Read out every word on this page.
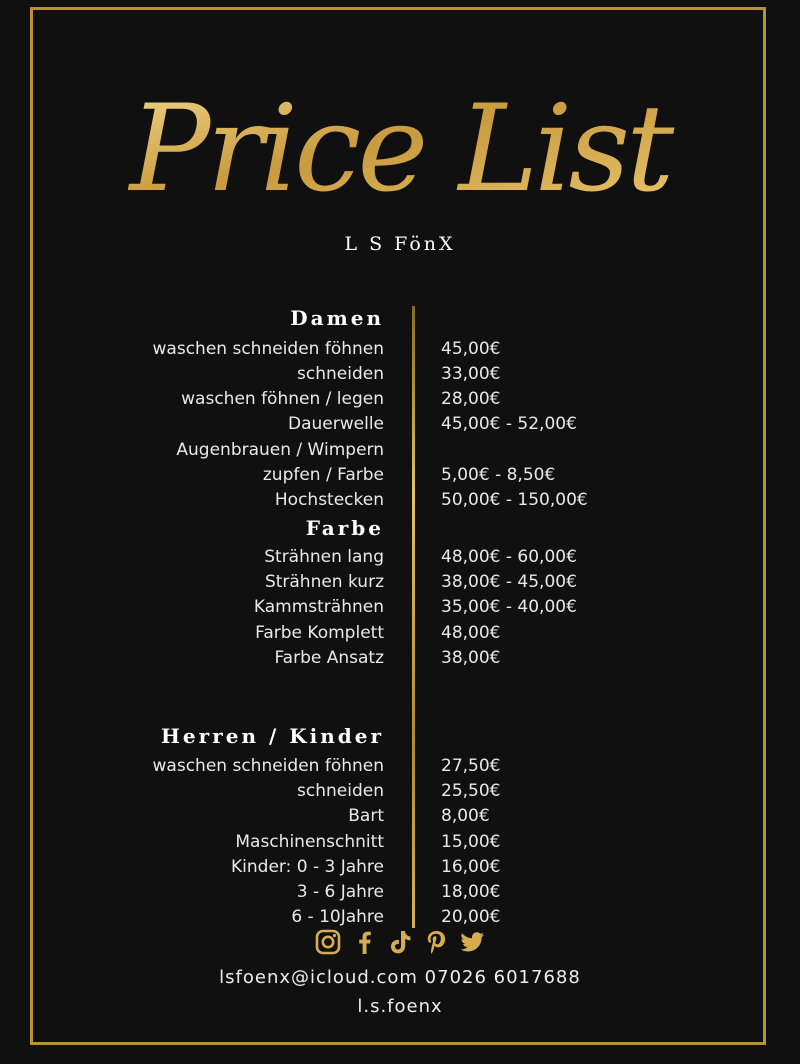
Price List
L S FönX
Damen
waschen schneiden föhnen	45,00€
schneiden	33,00€
waschen föhnen / legen	28,00€
Dauerwelle	45,00€ - 52,00€
Augenbrauen / Wimpern
zupfen / Farbe	5,00€ - 8,50€
Hochstecken	50,00€ - 150,00€
Farbe
Strähnen lang	48,00€ - 60,00€
Strähnen kurz	38,00€ - 45,00€
Kammsträhnen	35,00€ - 40,00€
Farbe Komplett	48,00€
Farbe Ansatz	38,00€
Herren / Kinder
waschen schneiden föhnen	27,50€
schneiden	25,50€
Bart	8,00€
Maschinenschnitt	15,00€
Kinder: 0 - 3 Jahre	16,00€
3 - 6 Jahre	18,00€
6 - 10Jahre	20,00€
lsfoenx@icloud.com 07026 6017688
l.s.foenx
